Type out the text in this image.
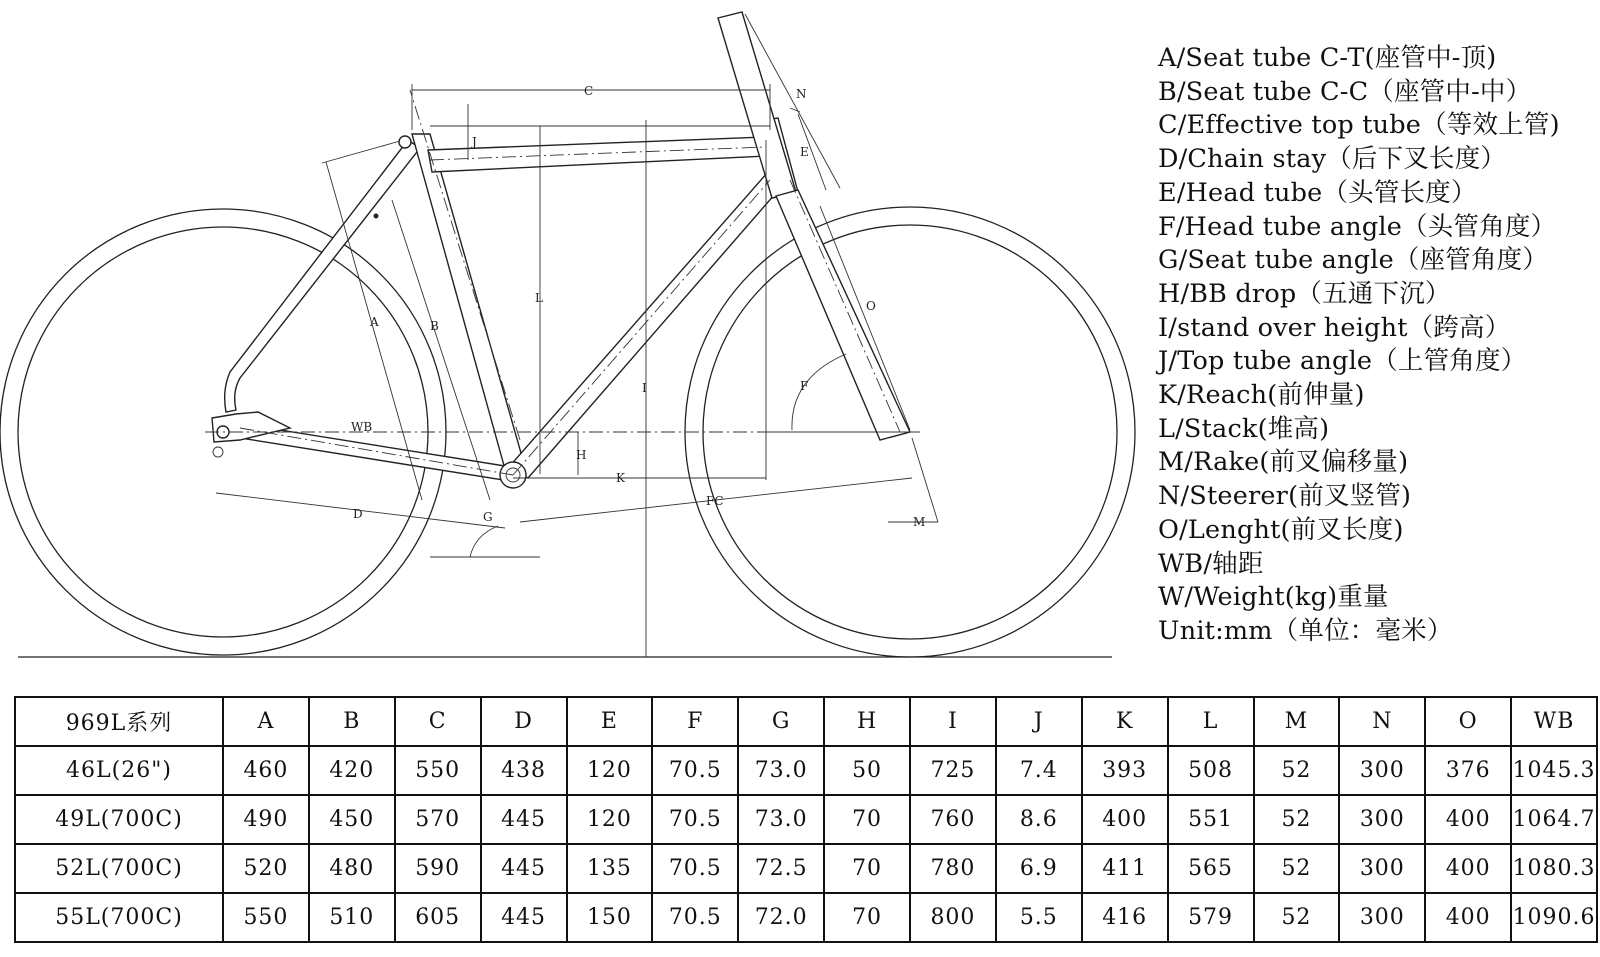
A	B
C
D
E
F
G
H
I
J
K
L
M
N
O
WB
FC
A/Seat tube C-T(座管中-顶)
B/Seat tube C-C（座管中-中）
C/Effective top tube（等效上管)
D/Chain stay（后下叉长度）
E/Head tube（头管长度）
F/Head tube angle（头管角度）
G/Seat tube angle（座管角度）
H/BB drop（五通下沉）
I/stand over height（跨高）
J/Top tube angle（上管角度）
K/Reach(前伸量)
L/Stack(堆高)
M/Rake(前叉偏移量)
N/Steerer(前叉竖管)
O/Lenght(前叉长度)
WB/轴距
W/Weight(kg)重量
Unit:mm（单位：毫米）
969L系列	A	B	C	D	E	F	G	H	I	J	K	L	M	N	O	WB
46L(26")	460	420	550	438	120	70.5	73.0	50	725	7.4	393	508	52	300	376	1045.3
49L(700C)	490	450	570	445	120	70.5	73.0	70	760	8.6	400	551	52	300	400	1064.7
52L(700C)	520	480	590	445	135	70.5	72.5	70	780	6.9	411	565	52	300	400	1080.3
55L(700C)	550	510	605	445	150	70.5	72.0	70	800	5.5	416	579	52	300	400	1090.6
